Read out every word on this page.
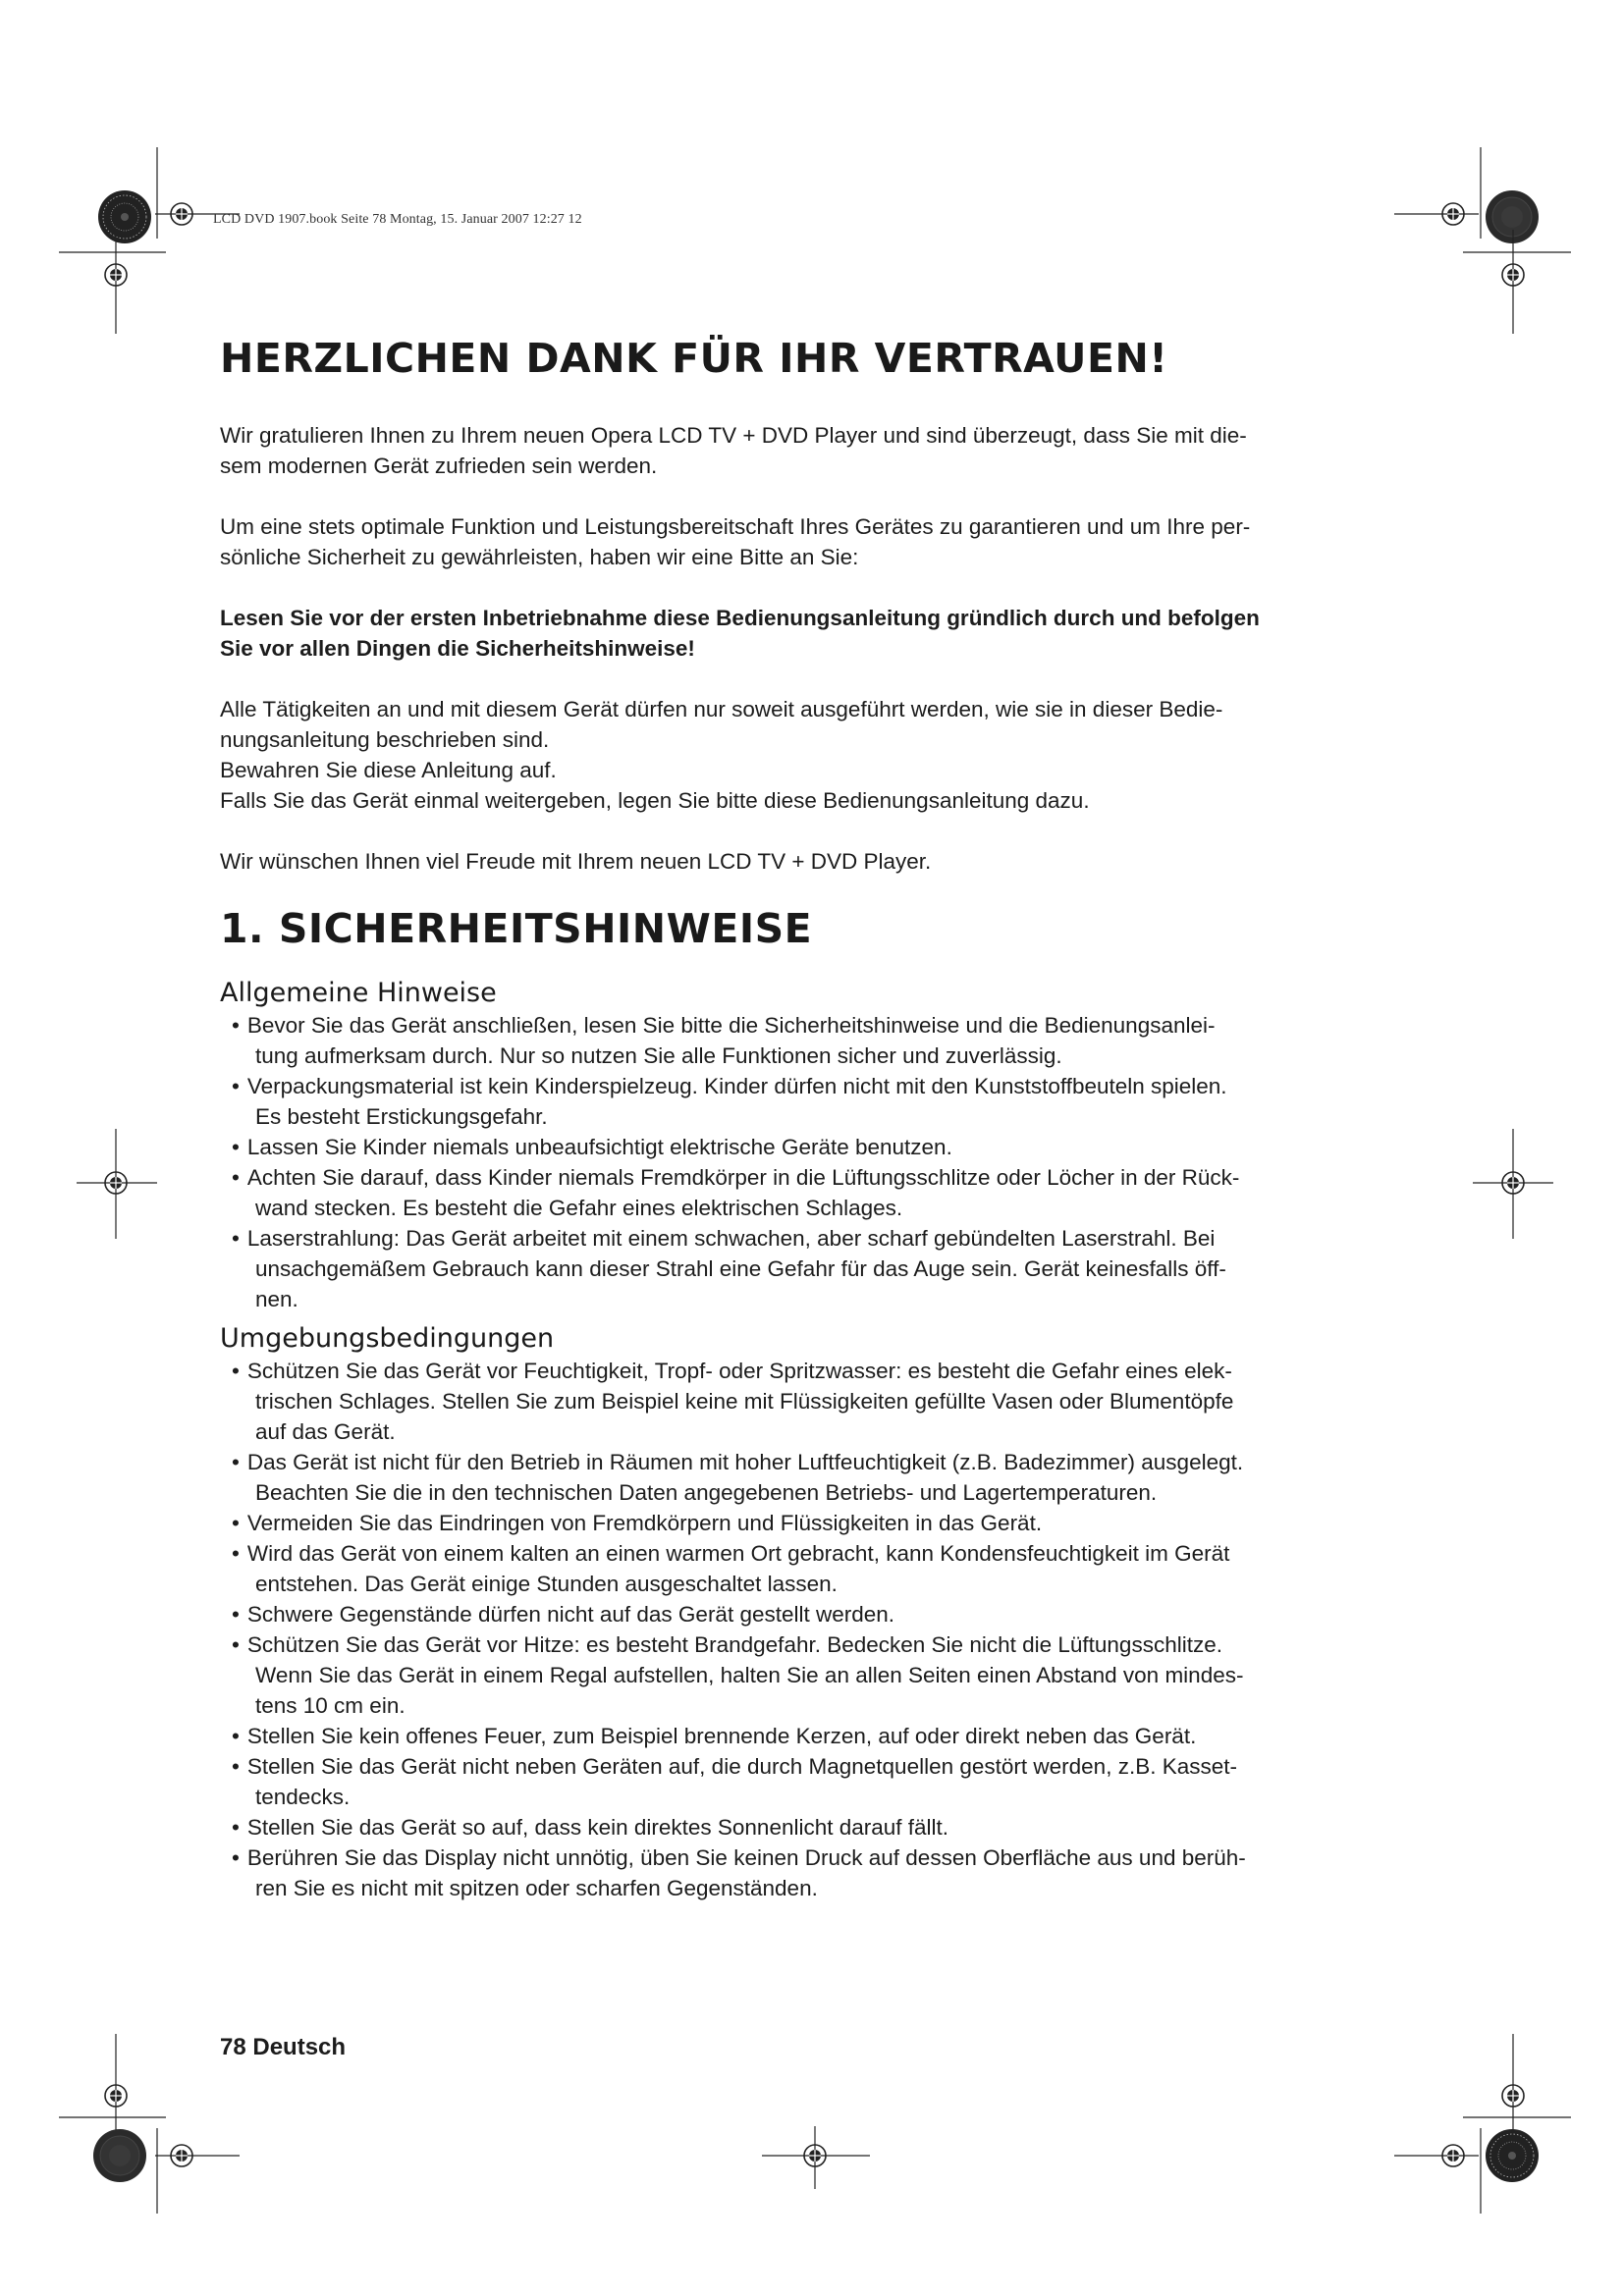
LCD DVD 1907.book Seite 78 Montag, 15. Januar 2007 12:27 12
HERZLICHEN DANK FÜR IHR VERTRAUEN!

Wir gratulieren Ihnen zu Ihrem neuen Opera LCD TV + DVD Player und sind überzeugt, dass Sie mit die-
sem modernen Gerät zufrieden sein werden.

Um eine stets optimale Funktion und Leistungsbereitschaft Ihres Gerätes zu garantieren und um Ihre per-
sönliche Sicherheit zu gewährleisten, haben wir eine Bitte an Sie:

Lesen Sie vor der ersten Inbetriebnahme diese Bedienungsanleitung gründlich durch und befolgen
Sie vor allen Dingen die Sicherheitshinweise!

Alle Tätigkeiten an und mit diesem Gerät dürfen nur soweit ausgeführt werden, wie sie in dieser Bedie-
nungsanleitung beschrieben sind.
Bewahren Sie diese Anleitung auf.
Falls Sie das Gerät einmal weitergeben, legen Sie bitte diese Bedienungsanleitung dazu.

Wir wünschen Ihnen viel Freude mit Ihrem neuen LCD TV + DVD Player.

1. SICHERHEITSHINWEISE
Allgemeine Hinweise
• Bevor Sie das Gerät anschließen, lesen Sie bitte die Sicherheitshinweise und die Bedienungsanlei-
tung aufmerksam durch. Nur so nutzen Sie alle Funktionen sicher und zuverlässig.
• Verpackungsmaterial ist kein Kinderspielzeug. Kinder dürfen nicht mit den Kunststoffbeuteln spielen.
Es besteht Erstickungsgefahr.
• Lassen Sie Kinder niemals unbeaufsichtigt elektrische Geräte benutzen.
• Achten Sie darauf, dass Kinder niemals Fremdkörper in die Lüftungsschlitze oder Löcher in der Rück-
wand stecken. Es besteht die Gefahr eines elektrischen Schlages.
• Laserstrahlung: Das Gerät arbeitet mit einem schwachen, aber scharf gebündelten Laserstrahl. Bei
unsachgemäßem Gebrauch kann dieser Strahl eine Gefahr für das Auge sein. Gerät keinesfalls öff-
nen.
Umgebungsbedingungen
• Schützen Sie das Gerät vor Feuchtigkeit, Tropf- oder Spritzwasser: es besteht die Gefahr eines elek-
trischen Schlages. Stellen Sie zum Beispiel keine mit Flüssigkeiten gefüllte Vasen oder Blumentöpfe
auf das Gerät.
• Das Gerät ist nicht für den Betrieb in Räumen mit hoher Luftfeuchtigkeit (z.B. Badezimmer) ausgelegt.
Beachten Sie die in den technischen Daten angegebenen Betriebs- und Lagertemperaturen.
• Vermeiden Sie das Eindringen von Fremdkörpern und Flüssigkeiten in das Gerät.
• Wird das Gerät von einem kalten an einen warmen Ort gebracht, kann Kondensfeuchtigkeit im Gerät
entstehen. Das Gerät einige Stunden ausgeschaltet lassen.
• Schwere Gegenstände dürfen nicht auf das Gerät gestellt werden.
• Schützen Sie das Gerät vor Hitze: es besteht Brandgefahr. Bedecken Sie nicht die Lüftungsschlitze.
Wenn Sie das Gerät in einem Regal aufstellen, halten Sie an allen Seiten einen Abstand von mindes-
tens 10 cm ein.
• Stellen Sie kein offenes Feuer, zum Beispiel brennende Kerzen, auf oder direkt neben das Gerät.
• Stellen Sie das Gerät nicht neben Geräten auf, die durch Magnetquellen gestört werden, z.B. Kasset-
tendecks.
• Stellen Sie das Gerät so auf, dass kein direktes Sonnenlicht darauf fällt.
• Berühren Sie das Display nicht unnötig, üben Sie keinen Druck auf dessen Oberfläche aus und berüh-
ren Sie es nicht mit spitzen oder scharfen Gegenständen.
78 Deutsch
